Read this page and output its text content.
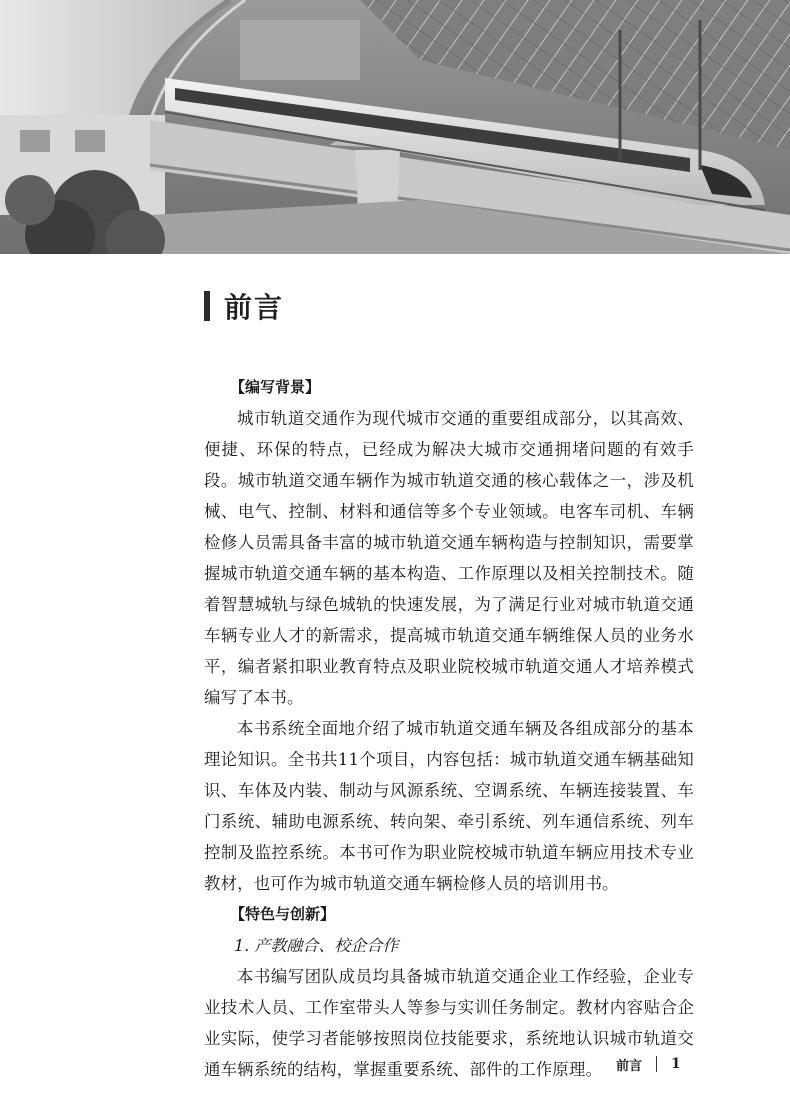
前言
【编写背景】

城市轨道交通作为现代城市交通的重要组成部分，以其高效、便捷、环保的特点，已经成为解决大城市交通拥堵问题的有效手段。城市轨道交通车辆作为城市轨道交通的核心载体之一，涉及机械、电气、控制、材料和通信等多个专业领域。电客车司机、车辆检修人员需具备丰富的城市轨道交通车辆构造与控制知识，需要掌握城市轨道交通车辆的基本构造、工作原理以及相关控制技术。随着智慧城轨与绿色城轨的快速发展，为了满足行业对城市轨道交通车辆专业人才的新需求，提高城市轨道交通车辆维保人员的业务水平，编者紧扣职业教育特点及职业院校城市轨道交通人才培养模式编写了本书。

本书系统全面地介绍了城市轨道交通车辆及各组成部分的基本理论知识。全书共11个项目，内容包括：城市轨道交通车辆基础知识、车体及内装、制动与风源系统、空调系统、车辆连接装置、车门系统、辅助电源系统、转向架、牵引系统、列车通信系统、列车控制及监控系统。本书可作为职业院校城市轨道车辆应用技术专业教材，也可作为城市轨道交通车辆检修人员的培训用书。

【特色与创新】
1. 产教融合、校企合作

本书编写团队成员均具备城市轨道交通企业工作经验，企业专业技术人员、工作室带头人等参与实训任务制定。教材内容贴合企业实际，使学习者能够按照岗位技能要求，系统地认识城市轨道交通车辆系统的结构，掌握重要系统、部件的工作原理。	前言 1
